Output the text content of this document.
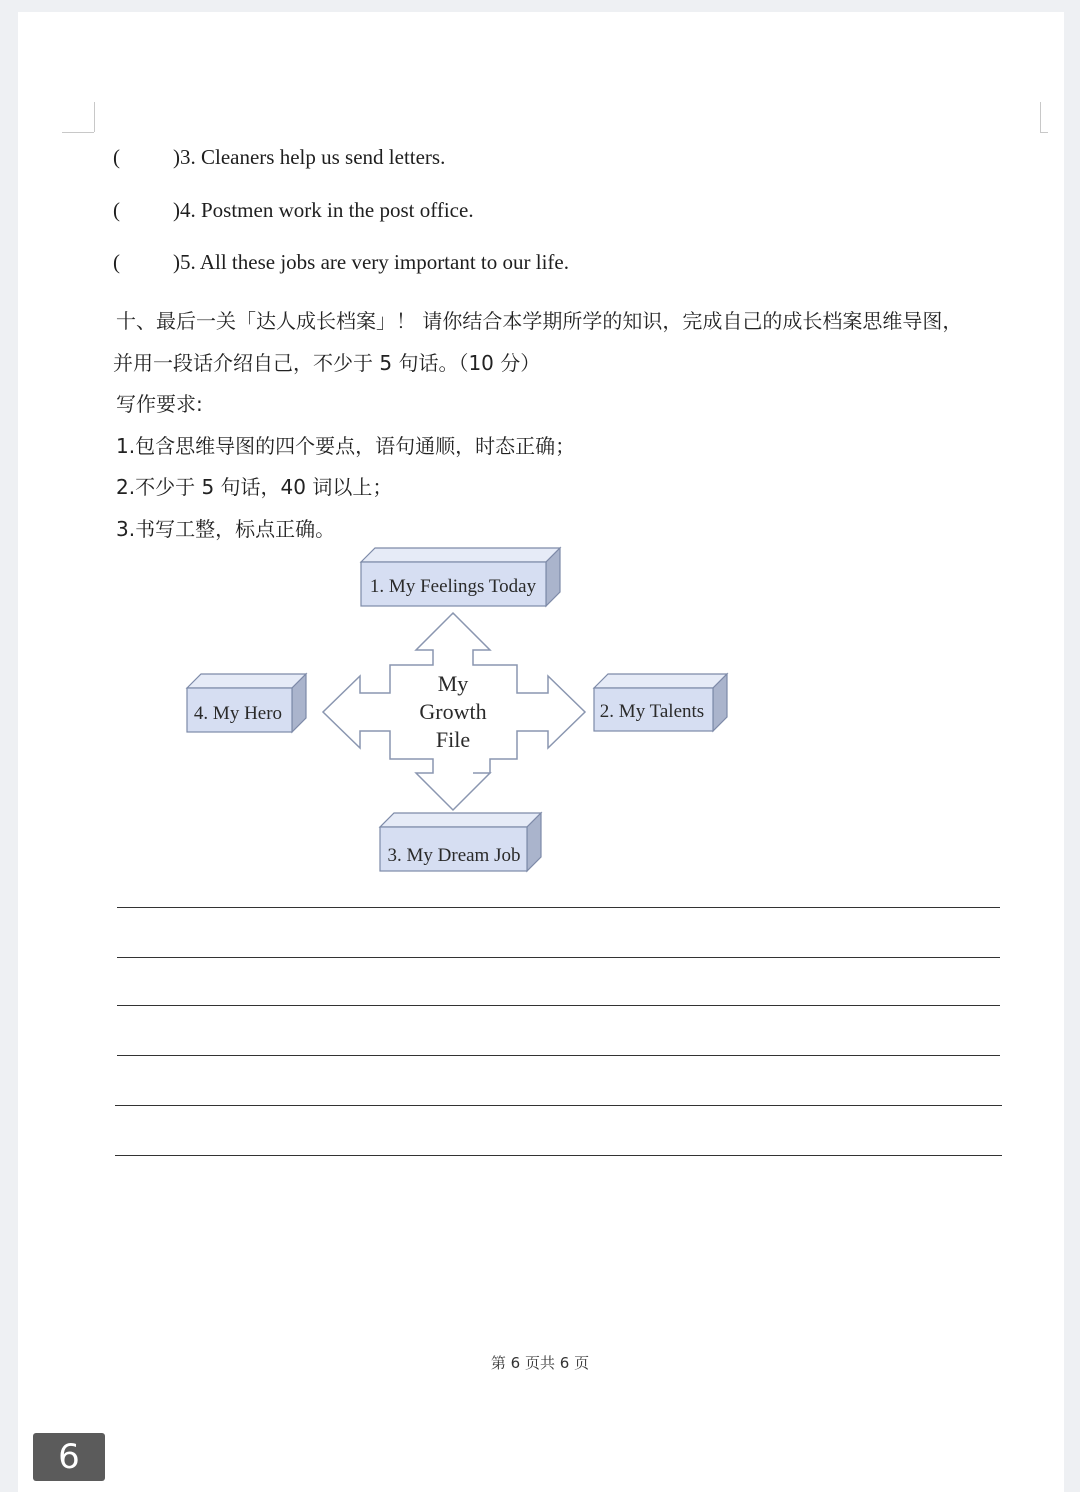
(	)3. Cleaners help us send letters.
(	)4. Postmen work in the post office.
(	)5. All these jobs are very important to our life.
十、最后一关「达人成长档案」！ 请你结合本学期所学的知识，完成自己的成长档案思维导图，
并用一段话介绍自己，不少于 5 句话。（10 分）
写作要求:
1.包含思维导图的四个要点，语句通顺，时态正确；
2.不少于 5 句话，40 词以上；
3.书写工整，标点正确。
My
Growth
File
1. My Feelings Today
2. My Talents
3. My Dream Job
4. My Hero
第 6 页共 6 页
6
